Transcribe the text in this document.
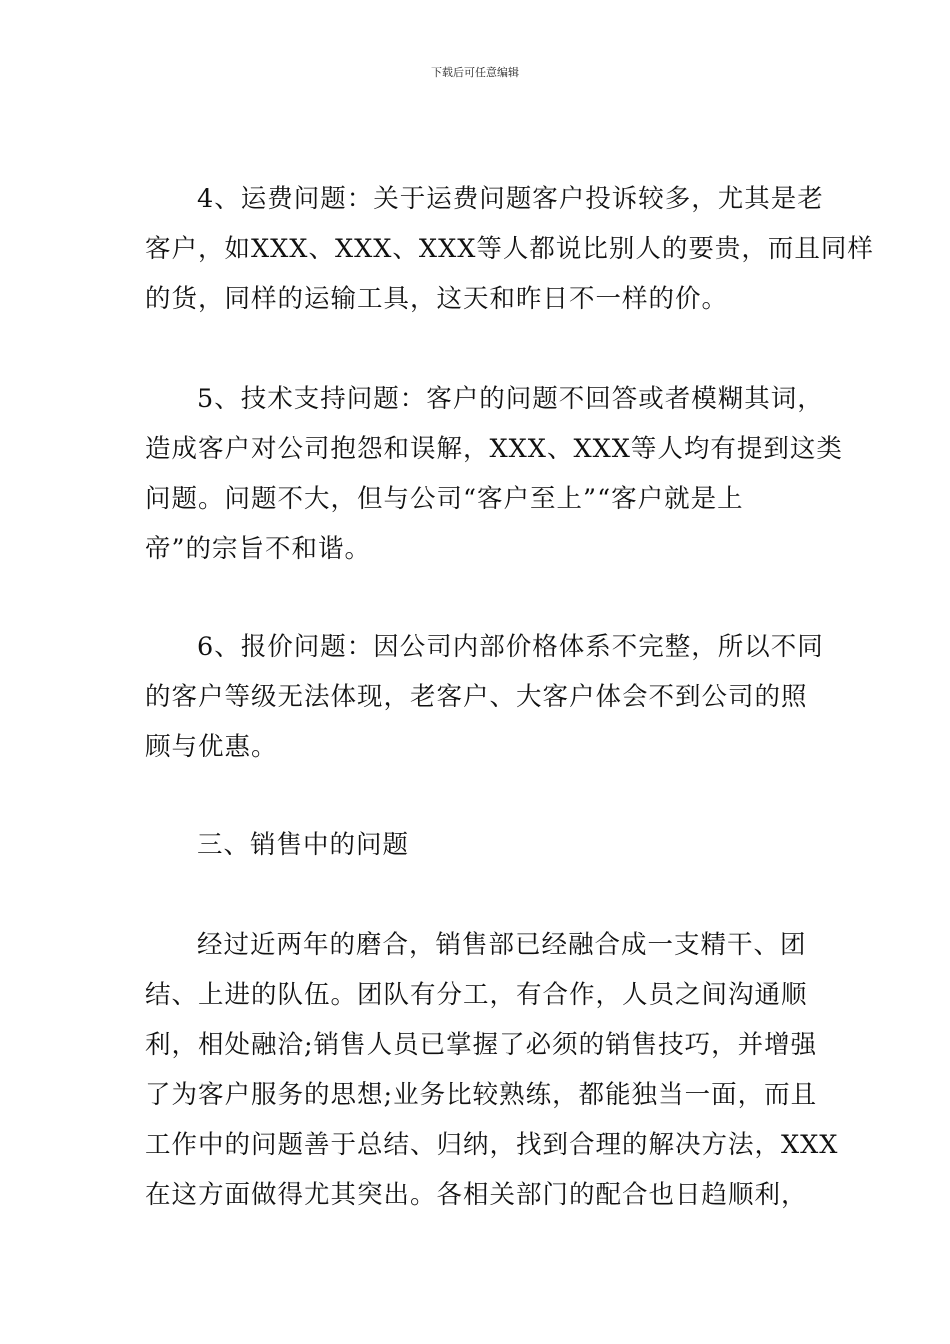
下载后可任意编辑
4、运费问题：关于运费问题客户投诉较多，尤其是老
客户，如XXX、XXX、XXX等人都说比别人的要贵，而且同样
的货，同样的运输工具，这天和昨日不一样的价。
5、技术支持问题：客户的问题不回答或者模糊其词，
造成客户对公司抱怨和误解，XXX、XXX等人均有提到这类
问题。问题不大，但与公司“客户至上”“客户就是上
帝”的宗旨不和谐。
6、报价问题：因公司内部价格体系不完整，所以不同
的客户等级无法体现，老客户、大客户体会不到公司的照
顾与优惠。
三、销售中的问题
经过近两年的磨合，销售部已经融合成一支精干、团
结、上进的队伍。团队有分工，有合作，人员之间沟通顺
利，相处融洽;销售人员已掌握了必须的销售技巧，并增强
了为客户服务的思想;业务比较熟练，都能独当一面，而且
工作中的问题善于总结、归纳，找到合理的解决方法，XXX
在这方面做得尤其突出。各相关部门的配合也日趋顺利，
